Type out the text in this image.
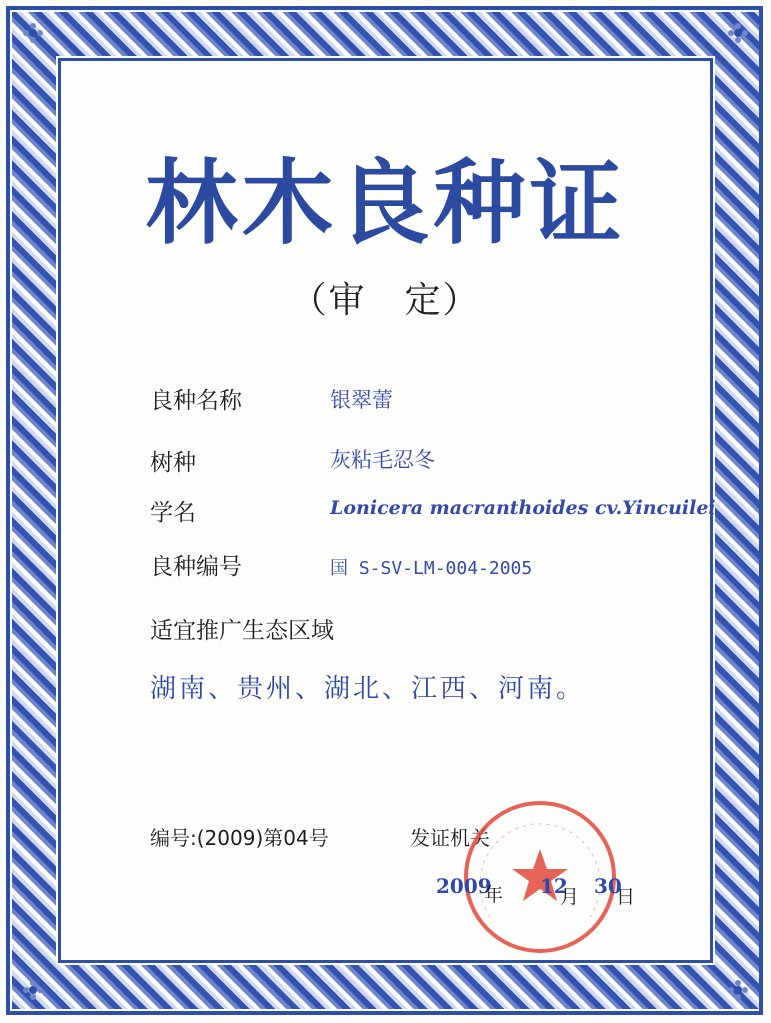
林木良种证
（审　定）
良种名称	银翠蕾
树种	灰粘毛忍冬
学名	Lonicera macranthoides cv.Yincuilei
良种编号	国 S-SV-LM-004-2005
适宜推广生态区域
湖南、贵州、湖北、江西、河南。
编号:(2009)第04号	发证机关
2009
年 12
月 30
日
